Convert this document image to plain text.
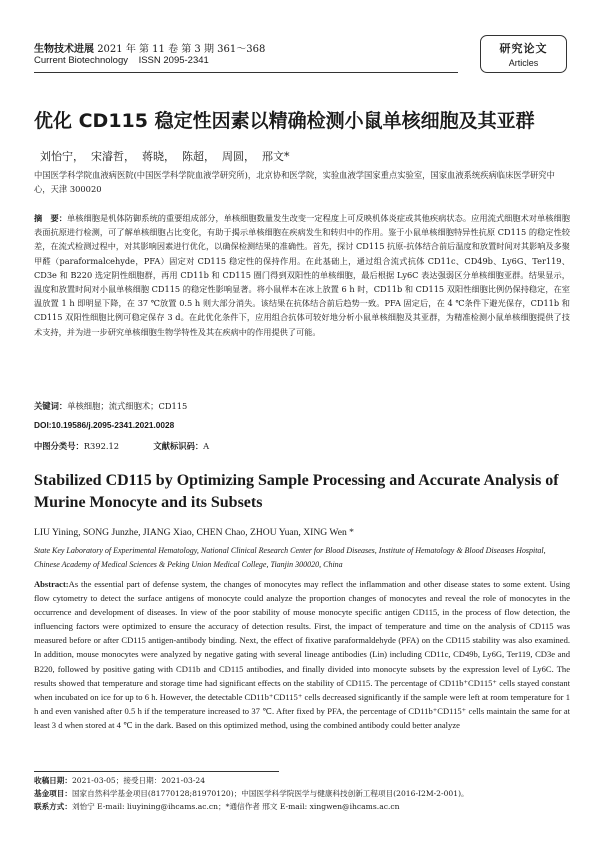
生物技术进展 2021 年 第 11 卷 第 3 期 361～368
Current Biotechnology ISSN 2095-2341
研究论文
Articles
优化 CD115 稳定性因素以精确检测小鼠单核细胞及其亚群
刘怡宁，  宋濬哲，  蒋晓，  陈超，  周圆，  邢文*
中国医学科学院血液病医院(中国医学科学院血液学研究所)，北京协和医学院，实验血液学国家重点实验室，国家血液系统疾病临床医学研究中心，天津 300020
摘　要：单核细胞是机体防御系统的重要组成部分，单核细胞数量发生改变一定程度上可反映机体炎症或其他疾病状态。应用流式细胞术对单核细胞表面抗原进行检测，可了解单核细胞占比变化，有助于揭示单核细胞在疾病发生和转归中的作用。鉴于小鼠单核细胞特异性抗原 CD115 的稳定性较差，在流式检测过程中，对其影响因素进行优化，以确保检测结果的准确性。首先，探讨 CD115 抗原-抗体结合前后温度和放置时间对其影响及多聚甲醛（paraformalcehyde，PFA）固定对 CD115 稳定性的保持作用。在此基础上，通过组合流式抗体 CD11c、CD49b、Ly6G、Ter119、CD3e 和 B220 选定阴性细胞群，再用 CD11b 和 CD115 圈门得到双阳性的单核细胞，最后根据 Ly6C 表达强弱区分单核细胞亚群。结果显示，温度和放置时间对小鼠单核细胞 CD115 的稳定性影响显著。将小鼠样本在冰上放置 6 h 时，CD11b 和 CD115 双阳性细胞比例仍保持稳定，在室温放置 1 h 即明显下降，在 37 ℃放置 0.5 h 则大部分消失。该结果在抗体结合前后趋势一致。PFA 固定后，在 4 ℃条件下避光保存，CD11b 和 CD115 双阳性细胞比例可稳定保存 3 d。在此优化条件下，应用组合抗体可较好地分析小鼠单核细胞及其亚群，为精准检测小鼠单核细胞提供了技术支持，并为进一步研究单核细胞生物学特性及其在疾病中的作用提供了可能。
关键词：单核细胞；流式细胞术；CD115
DOI:10.19586/j.2095-2341.2021.0028
中图分类号：R392.12	文献标识码：A
Stabilized CD115 by Optimizing Sample Processing and Accurate Analysis of Murine Monocyte and its Subsets
LIU Yining, SONG Junzhe, JIANG Xiao, CHEN Chao, ZHOU Yuan, XING Wen *
State Key Laboratory of Experimental Hematology, National Clinical Research Center for Blood Diseases, Institute of Hematology & Blood Diseases Hospital, Chinese Academy of Medical Sciences & Peking Union Medical College, Tianjin 300020, China
Abstract:As the essential part of defense system, the changes of monocytes may reflect the inflammation and other disease states to some extent. Using flow cytometry to detect the surface antigens of monocyte could analyze the proportion changes of monocytes and reveal the role of monocytes in the occurrence and development of diseases. In view of the poor stability of mouse monocyte specific antigen CD115, in the process of flow detection, the influencing factors were optimized to ensure the accuracy of detection results. First, the impact of temperature and time on the analysis of CD115 was measured before or after CD115 antigen-antibody binding. Next, the effect of fixative paraformaldehyde (PFA) on the CD115 stability was also examined. In addition, mouse monocytes were analyzed by negative gating with several lineage antibodies (Lin) including CD11c, CD49b, Ly6G, Ter119, CD3e and B220, followed by positive gating with CD11b and CD115 antibodies, and finally divided into monocyte subsets by the expression level of Ly6C. The results showed that temperature and storage time had significant effects on the stability of CD115. The percentage of CD11b⁺CD115⁺ cells stayed constant when incubated on ice for up to 6 h. However, the detectable CD11b⁺CD115⁺ cells decreased significantly if the sample were left at room temperature for 1 h and even vanished after 0.5 h if the temperature increased to 37 ℃. After fixed by PFA, the percentage of CD11b⁺CD115⁺ cells maintain the same for at least 3 d when stored at 4 ℃ in the dark. Based on this optimized method, using the combined antibody could better analyze
收稿日期：2021-03-05；接受日期：2021-03-24
基金项目：国家自然科学基金项目(81770128;81970120)；中国医学科学院医学与健康科技创新工程项目(2016-I2M-2-001)。
联系方式：刘怡宁 E-mail: liuyining@ihcams.ac.cn；*通信作者 邢文 E-mail: xingwen@ihcams.ac.cn
